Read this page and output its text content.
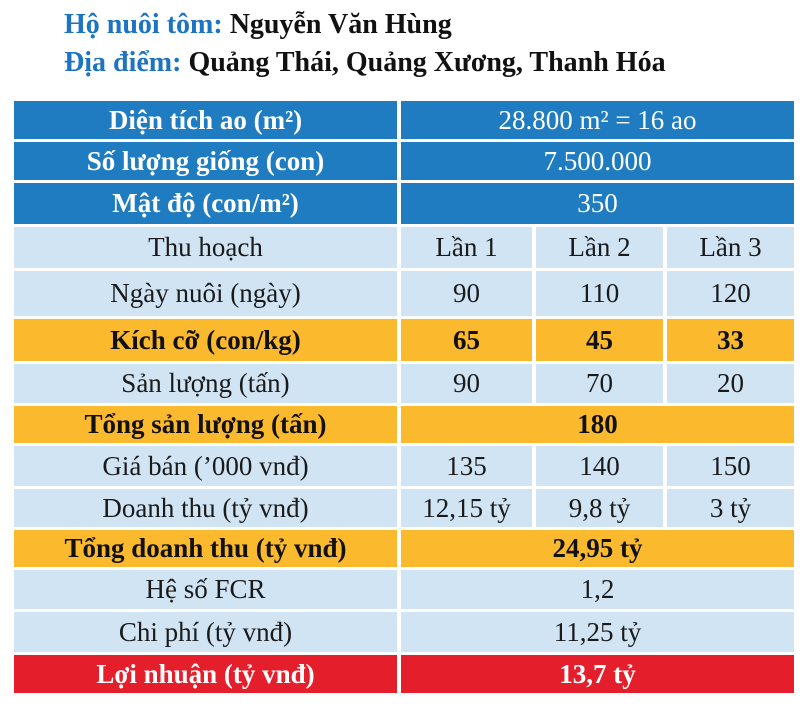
Hộ nuôi tôm: Nguyễn Văn Hùng
Địa điểm: Quảng Thái, Quảng Xương, Thanh Hóa
Diện tích ao (m²)	28.800 m² = 16 ao
Số lượng giống (con)	7.500.000
Mật độ (con/m²)	350
Thu hoạch	Lần 1	Lần 2	Lần 3
Ngày nuôi (ngày)	90	110	120
Kích cỡ (con/kg)	65	45	33
Sản lượng (tấn)	90	70	20
Tổng sản lượng (tấn)	180
Giá bán (’000 vnđ)	135	140	150
Doanh thu (tỷ vnđ)	12,15 tỷ	9,8 tỷ	3 tỷ
Tổng doanh thu (tỷ vnđ)	24,95 tỷ
Hệ số FCR	1,2
Chi phí (tỷ vnđ)	11,25 tỷ
Lợi nhuận (tỷ vnđ)	13,7 tỷ
